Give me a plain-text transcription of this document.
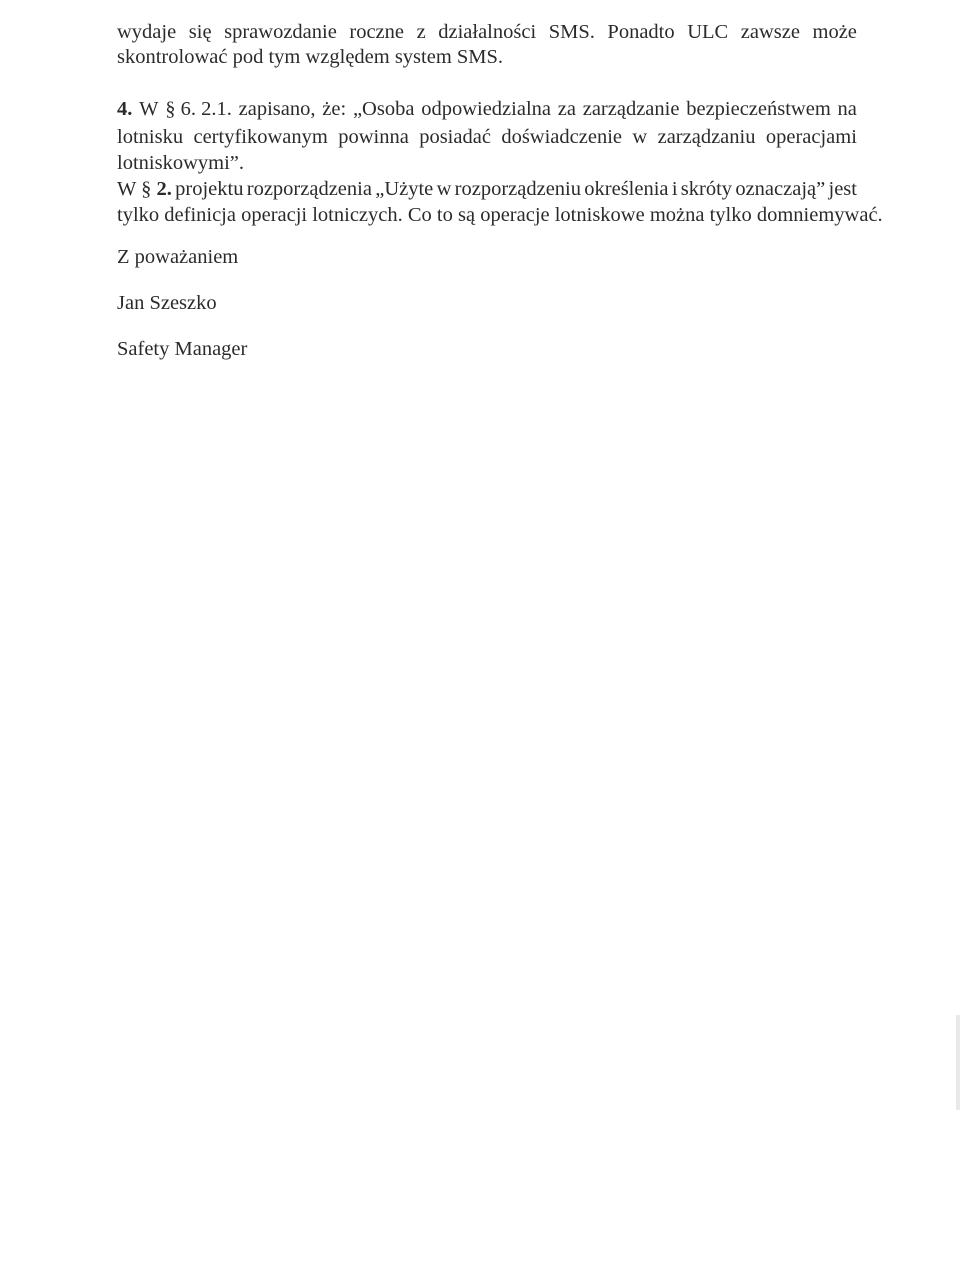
wydaje się sprawozdanie roczne z działalności SMS. Ponadto ULC zawsze może
skontrolować pod tym względem system SMS.
4. W § 6. 2.1. zapisano, że: „Osoba odpowiedzialna za zarządzanie bezpieczeństwem na
lotnisku certyfikowanym powinna posiadać doświadczenie w zarządzaniu operacjami
lotniskowymi”.
W § 2. projektu rozporządzenia „Użyte w rozporządzeniu określenia i skróty oznaczają” jest
tylko definicja operacji lotniczych. Co to są operacje lotniskowe można tylko domniemywać.
Z poważaniem
Jan Szeszko
Safety Manager
